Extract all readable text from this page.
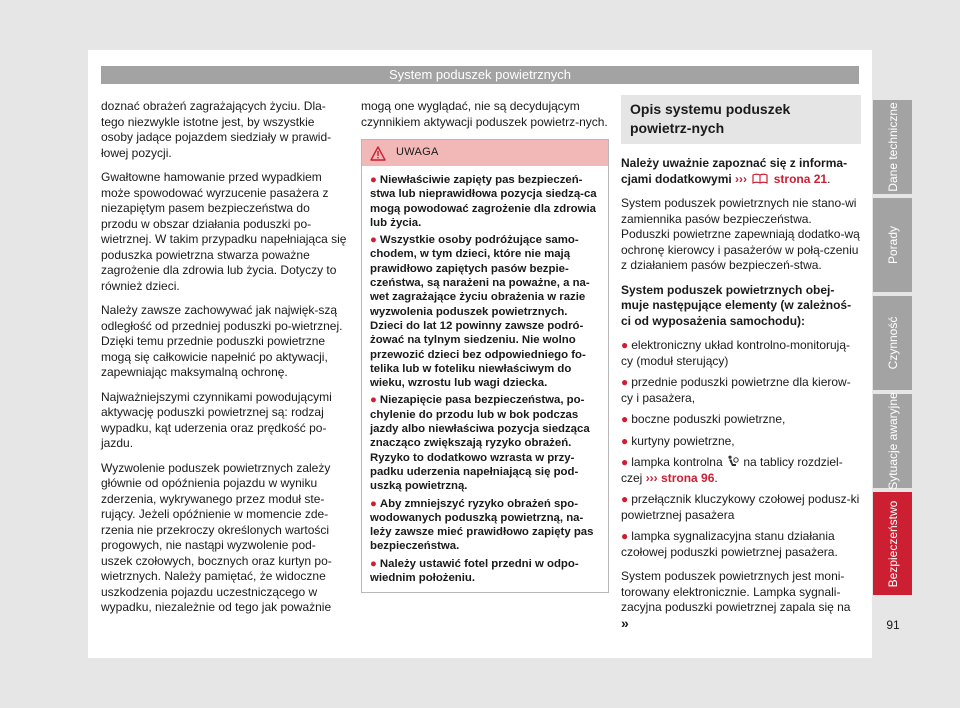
System poduszek powietrznych

doznać obrażeń zagrażających życiu. Dla-tego niezwykle istotne jest, by wszystkie osoby jadące pojazdem siedziały w prawid-łowej pozycji.

Gwałtowne hamowanie przed wypadkiem może spowodować wyrzucenie pasażera z niezapiętym pasem bezpieczeństwa do przodu w obszar działania poduszki po-wietrznej. W takim przypadku napełniająca się poduszka powietrzna stwarza poważne zagrożenie dla zdrowia lub życia. Dotyczy to również dzieci.

Należy zawsze zachowywać jak najwięk-szą odległość od przedniej poduszki po-wietrznej. Dzięki temu przednie poduszki powietrzne mogą się całkowicie napełnić po aktywacji, zapewniając maksymalną ochronę.

Najważniejszymi czynnikami powodującymi aktywację poduszki powietrznej są: rodzaj wypadku, kąt uderzenia oraz prędkość po-jazdu.

Wyzwolenie poduszek powietrznych zależy głównie od opóźnienia pojazdu w wyniku zderzenia, wykrywanego przez moduł ste-rujący. Jeżeli opóźnienie w momencie zde-rzenia nie przekroczy określonych wartości progowych, nie nastąpi wyzwolenie pod-uszek czołowych, bocznych oraz kurtyn po-wietrznych. Należy pamiętać, że widoczne uszkodzenia pojazdu uczestniczącego w wypadku, niezależnie od tego jak poważnie

mogą one wyglądać, nie są decydującym czynnikiem aktywacji poduszek powietrz-nych.

UWAGA
● Niewłaściwie zapięty pas bezpieczeń-stwa lub nieprawidłowa pozycja siedzą-ca mogą powodować zagrożenie dla zdrowia lub życia.
● Wszystkie osoby podróżujące samo-chodem, w tym dzieci, które nie mają prawidłowo zapiętych pasów bezpie-czeństwa, są narażeni na poważne, a na-wet zagrażające życiu obrażenia w razie wyzwolenia poduszek powietrznych. Dzieci do lat 12 powinny zawsze podró-żować na tylnym siedzeniu. Nie wolno przewozić dzieci bez odpowiedniego fo-telika lub w foteliku niewłaściwym do wieku, wzrostu lub wagi dziecka.
● Niezapięcie pasa bezpieczeństwa, po-chylenie do przodu lub w bok podczas jazdy albo niewłaściwa pozycja siedząca znacząco zwiększają ryzyko obrażeń. Ryzyko to dodatkowo wzrasta w przy-padku uderzenia napełniającą się pod-uszką powietrzną.
● Aby zmniejszyć ryzyko obrażeń spo-wodowanych poduszką powietrzną, na-leży zawsze mieć prawidłowo zapięty pas bezpieczeństwa.
● Należy ustawić fotel przedni w odpo-wiednim położeniu.
Opis systemu poduszek powietrz-nych

Należy uważnie zapoznać się z informa-cjami dodatkowymi ››› strona 21.

System poduszek powietrznych nie stano-wi zamiennika pasów bezpieczeństwa. Poduszki powietrzne zapewniają dodatko-wą ochronę kierowcy i pasażerów w połą-czeniu z działaniem pasów bezpieczeń-stwa.

System poduszek powietrznych obej-muje następujące elementy (w zależnoś-ci od wyposażenia samochodu):

● elektroniczny układ kontrolno-monitorują-cy (moduł sterujący)
● przednie poduszki powietrzne dla kierow-cy i pasażera,
● boczne poduszki powietrzne,
● kurtyny powietrzne,
● lampka kontrolna na tablicy rozdziel-czej ››› strona 96.
● przełącznik kluczykowy czołowej podusz-ki powietrznej pasażera
● lampka sygnalizacyjna stanu działania czołowej poduszki powietrznej pasażera.

System poduszek powietrznych jest moni-torowany elektronicznie. Lampka sygnali-zacyjna poduszki powietrznej zapala się na »

Dane techniczne
Porady
Czynność
Sytuacje awaryjne
Bezpieczeństwo
91
